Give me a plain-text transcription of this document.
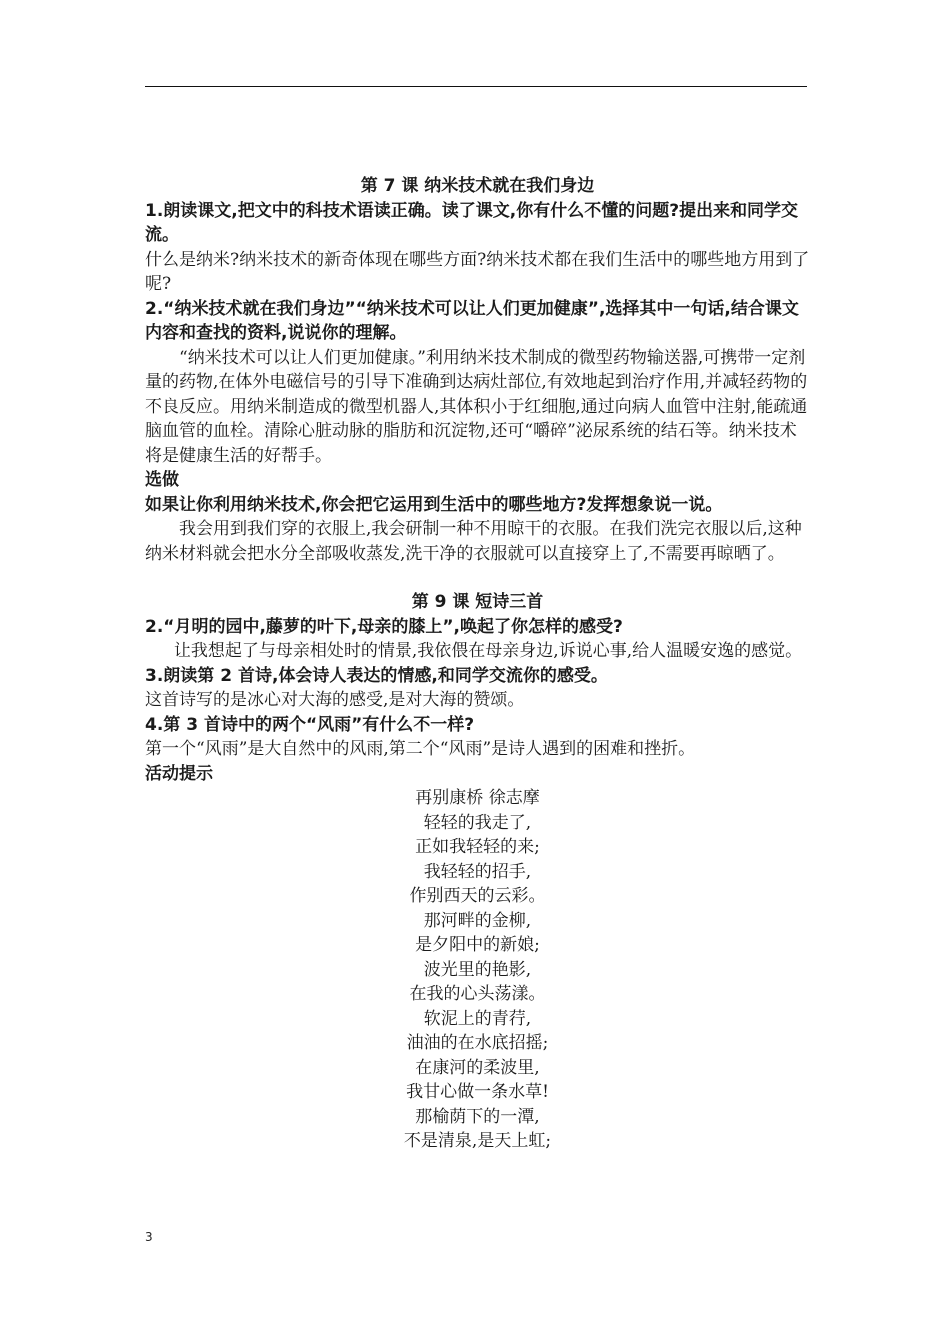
第 7 课 纳米技术就在我们身边

1.朗读课文,把文中的科技术语读正确。读了课文,你有什么不懂的问题?提出来和同学交流。

什么是纳米?纳米技术的新奇体现在哪些方面?纳米技术都在我们生活中的哪些地方用到了呢?

2.“纳米技术就在我们身边”“纳米技术可以让人们更加健康”,选择其中一句话,结合课文内容和查找的资料,说说你的理解。

“纳米技术可以让人们更加健康。”利用纳米技术制成的微型药物输送器,可携带一定剂量的药物,在体外电磁信号的引导下准确到达病灶部位,有效地起到治疗作用,并减轻药物的不良反应。用纳米制造成的微型机器人,其体积小于红细胞,通过向病人血管中注射,能疏通脑血管的血栓。清除心脏动脉的脂肪和沉淀物,还可“嚼碎”泌尿系统的结石等。纳米技术将是健康生活的好帮手。

选做

如果让你利用纳米技术,你会把它运用到生活中的哪些地方?发挥想象说一说。

我会用到我们穿的衣服上,我会研制一种不用晾干的衣服。在我们洗完衣服以后,这种纳米材料就会把水分全部吸收蒸发,洗干净的衣服就可以直接穿上了,不需要再晾晒了。

第 9 课 短诗三首

2.“月明的园中,藤萝的叶下,母亲的膝上”,唤起了你怎样的感受?

让我想起了与母亲相处时的情景,我依偎在母亲身边,诉说心事,给人温暖安逸的感觉。

3.朗读第 2 首诗,体会诗人表达的情感,和同学交流你的感受。

这首诗写的是冰心对大海的感受,是对大海的赞颂。

4.第 3 首诗中的两个“风雨”有什么不一样?

第一个“风雨”是大自然中的风雨,第二个“风雨”是诗人遇到的困难和挫折。

活动提示

再别康桥 徐志摩
轻轻的我走了,
正如我轻轻的来;
我轻轻的招手,
作别西天的云彩。
那河畔的金柳,
是夕阳中的新娘;
波光里的艳影,
在我的心头荡漾。
软泥上的青荇,
油油的在水底招摇;
在康河的柔波里,
我甘心做一条水草!
那榆荫下的一潭,
不是清泉,是天上虹;
3
